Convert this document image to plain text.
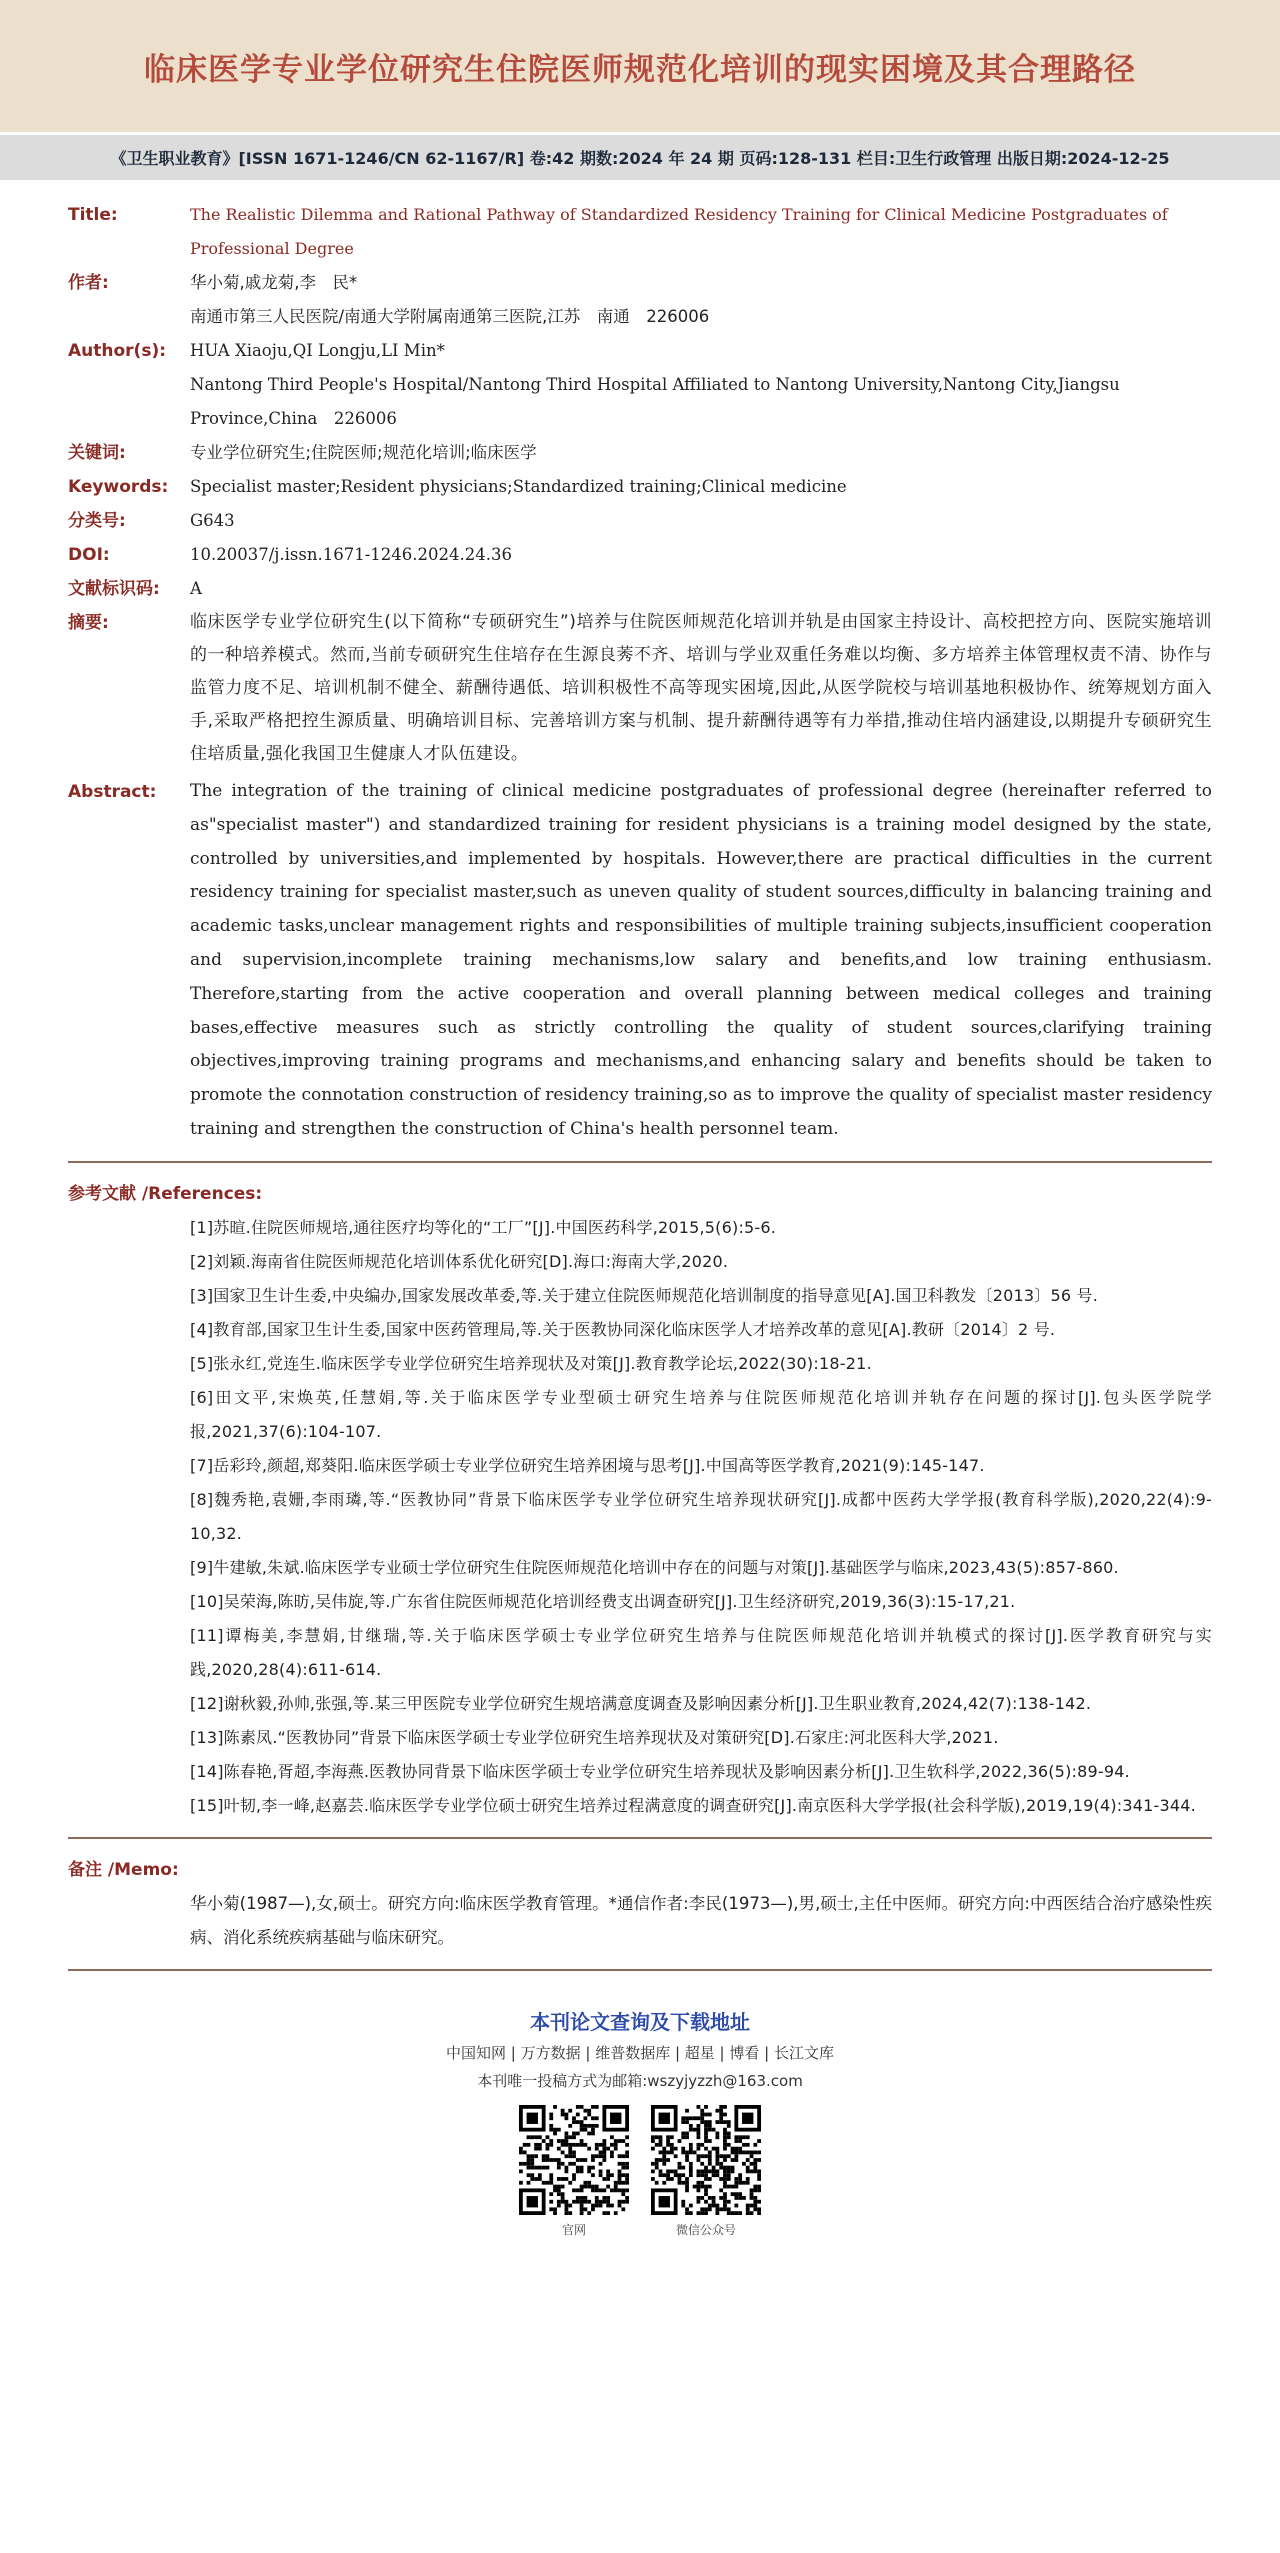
临床医学专业学位研究生住院医师规范化培训的现实困境及其合理路径
《卫生职业教育》[ISSN 1671-1246/CN 62-1167/R] 卷:42 期数:2024 年 24 期 页码:128-131 栏目:卫生行政管理 出版日期:2024-12-25
Title:	The Realistic Dilemma and Rational Pathway of Standardized Residency Training for Clinical Medicine Postgraduates of Professional Degree
作者:	华小菊,戚龙菊,李　民*
南通市第三人民医院/南通大学附属南通第三医院,江苏　南通　226006
Author(s):	HUA Xiaoju,QI Longju,LI Min*
Nantong Third People's Hospital/Nantong Third Hospital Affiliated to Nantong University,Nantong City,Jiangsu Province,China　226006
关键词:	专业学位研究生;住院医师;规范化培训;临床医学
Keywords:	Specialist master;Resident physicians;Standardized training;Clinical medicine
分类号:	G643
DOI:	10.20037/j.issn.1671-1246.2024.24.36
文献标识码:	A
摘要:	临床医学专业学位研究生(以下简称“专硕研究生”)培养与住院医师规范化培训并轨是由国家主持设计、高校把控方向、医院实施培训的一种培养模式。然而,当前专硕研究生住培存在生源良莠不齐、培训与学业双重任务难以均衡、多方培养主体管理权责不清、协作与监管力度不足、培训机制不健全、薪酬待遇低、培训积极性不高等现实困境,因此,从医学院校与培训基地积极协作、统筹规划方面入手,采取严格把控生源质量、明确培训目标、完善培训方案与机制、提升薪酬待遇等有力举措,推动住培内涵建设,以期提升专硕研究生住培质量,强化我国卫生健康人才队伍建设。
Abstract:	The integration of the training of clinical medicine postgraduates of professional degree (hereinafter referred to as"specialist master") and standardized training for resident physicians is a training model designed by the state, controlled by universities,and implemented by hospitals. However,there are practical difficulties in the current residency training for specialist master,such as uneven quality of student sources,difficulty in balancing training and academic tasks,unclear management rights and responsibilities of multiple training subjects,insufficient cooperation and supervision,incomplete training mechanisms,low salary and benefits,and low training enthusiasm. Therefore,starting from the active cooperation and overall planning between medical colleges and training bases,effective measures such as strictly controlling the quality of student sources,clarifying training objectives,improving training programs and mechanisms,and enhancing salary and benefits should be taken to promote the connotation construction of residency training,so as to improve the quality of specialist master residency training and strengthen the construction of China's health personnel team.
参考文献 /References:
[1]苏暄.住院医师规培,通往医疗均等化的“工厂”[J].中国医药科学,2015,5(6):5-6.
[2]刘颖.海南省住院医师规范化培训体系优化研究[D].海口:海南大学,2020.
[3]国家卫生计生委,中央编办,国家发展改革委,等.关于建立住院医师规范化培训制度的指导意见[A].国卫科教发〔2013〕56 号.
[4]教育部,国家卫生计生委,国家中医药管理局,等.关于医教协同深化临床医学人才培养改革的意见[A].教研〔2014〕2 号.
[5]张永红,党连生.临床医学专业学位研究生培养现状及对策[J].教育教学论坛,2022(30):18-21.
[6]田文平,宋焕英,任慧娟,等.关于临床医学专业型硕士研究生培养与住院医师规范化培训并轨存在问题的探讨[J].包头医学院学报,2021,37(6):104-107.
[7]岳彩玲,颜超,郑葵阳.临床医学硕士专业学位研究生培养困境与思考[J].中国高等医学教育,2021(9):145-147.
[8]魏秀艳,袁姗,李雨璘,等.“医教协同”背景下临床医学专业学位研究生培养现状研究[J].成都中医药大学学报(教育科学版),2020,22(4):9-10,32.
[9]牛建敏,朱斌.临床医学专业硕士学位研究生住院医师规范化培训中存在的问题与对策[J].基础医学与临床,2023,43(5):857-860.
[10]吴荣海,陈昉,吴伟旋,等.广东省住院医师规范化培训经费支出调查研究[J].卫生经济研究,2019,36(3):15-17,21.
[11]谭梅美,李慧娟,甘继瑞,等.关于临床医学硕士专业学位研究生培养与住院医师规范化培训并轨模式的探讨[J].医学教育研究与实践,2020,28(4):611-614.
[12]谢秋毅,孙帅,张强,等.某三甲医院专业学位研究生规培满意度调查及影响因素分析[J].卫生职业教育,2024,42(7):138-142.
[13]陈素凤.“医教协同”背景下临床医学硕士专业学位研究生培养现状及对策研究[D].石家庄:河北医科大学,2021.
[14]陈春艳,胥超,李海燕.医教协同背景下临床医学硕士专业学位研究生培养现状及影响因素分析[J].卫生软科学,2022,36(5):89-94.
[15]叶韧,李一峰,赵嘉芸.临床医学专业学位硕士研究生培养过程满意度的调查研究[J].南京医科大学学报(社会科学版),2019,19(4):341-344.
备注 /Memo:
华小菊(1987—),女,硕士。研究方向:临床医学教育管理。*通信作者:李民(1973—),男,硕士,主任中医师。研究方向:中西医结合治疗感染性疾病、消化系统疾病基础与临床研究。
本刊论文查询及下载地址
中国知网 | 万方数据 | 维普数据库 | 超星 | 博看 | 长江文库
本刊唯一投稿方式为邮箱:wszyjyzzh@163.com
官网	微信公众号
